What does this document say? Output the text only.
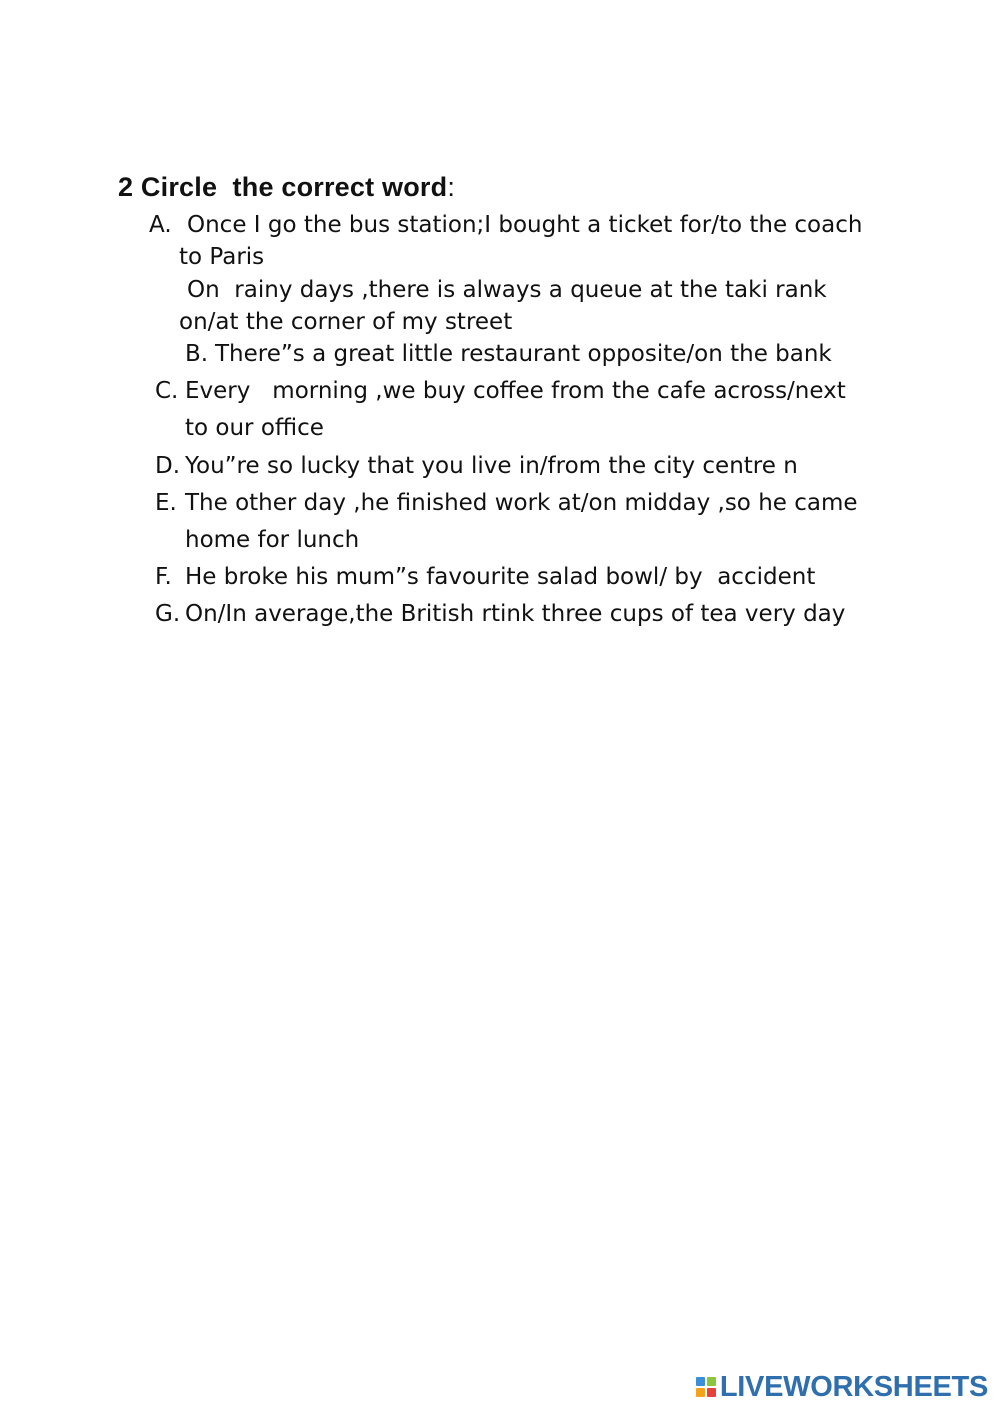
2 Circle  the correct word:
A. Once I go the bus station;I bought a ticket for/to the coach
to Paris
On  rainy days ,there is always a queue at the taki rank
on/at the corner of my street
B. There”s a great little restaurant opposite/on the bank
C. Every   morning ,we buy coffee from the cafe across/next
to our office
D. You”re so lucky that you live in/from the city centre n
E. The other day ,he finished work at/on midday ,so he came
home for lunch
F. He broke his mum”s favourite salad bowl/ by  accident
G. On/In average,the British rtink three cups of tea very day
LIVEWORKSHEETS
